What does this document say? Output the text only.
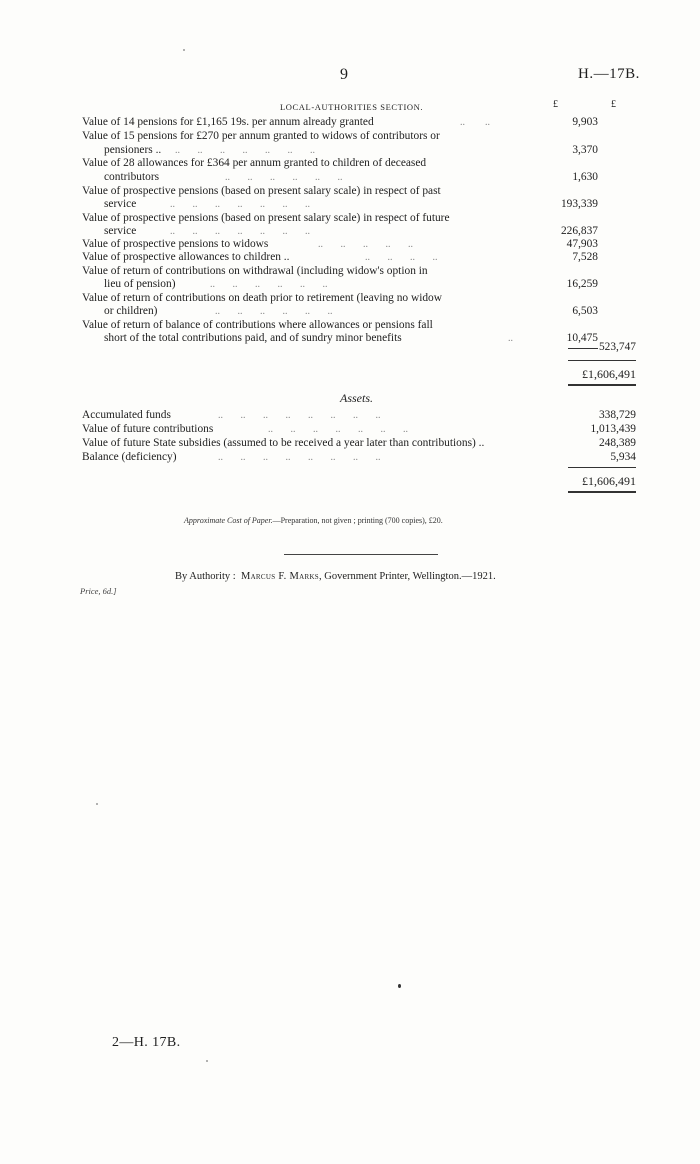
9	H.—17B.
LOCAL-AUTHORITIES SECTION.	£	£
Value of 14 pensions for £1,165 19s. per annum already granted	..        ..	9,903
Value of 15 pensions for £270 per annum granted to widows of contributors or
pensioners .. ..       ..       ..       ..       ..       ..       ..	3,370
Value of 28 allowances for £364 per annum granted to children of deceased
contributors	..       ..       ..       ..       ..       ..	1,630
Value of prospective pensions (based on present salary scale) in respect of past
service	..       ..       ..       ..       ..       ..       ..	193,339
Value of prospective pensions (based on present salary scale) in respect of future
service	..       ..       ..       ..       ..       ..       ..	226,837
Value of prospective pensions to widows	..       ..       ..       ..       ..	47,903
Value of prospective allowances to children ..	..       ..       ..       ..	7,528
Value of return of contributions on withdrawal (including widow's option in
lieu of pension)	..       ..       ..       ..       ..       ..	16,259
Value of return of contributions on death prior to retirement (leaving no widow
or children)	..       ..       ..       ..       ..       ..	6,503
Value of return of balance of contributions where allowances or pensions fall
short of the total contributions paid, and of sundry minor benefits	..	10,475
523,747
£1,606,491
Assets.
Accumulated funds	..       ..       ..       ..       ..       ..       ..       ..	338,729
Value of future contributions	..       ..       ..       ..       ..       ..       ..	1,013,439
Value of future State subsidies (assumed to be received a year later than contributions) ..	248,389
Balance (deficiency)	..       ..       ..       ..       ..       ..       ..       ..	5,934
£1,606,491
Approximate Cost of Paper.—Preparation, not given ; printing (700 copies), £20.
By Authority : Marcus F. Marks, Government Printer, Wellington.—1921.
Price, 6d.]
2—H. 17B.
